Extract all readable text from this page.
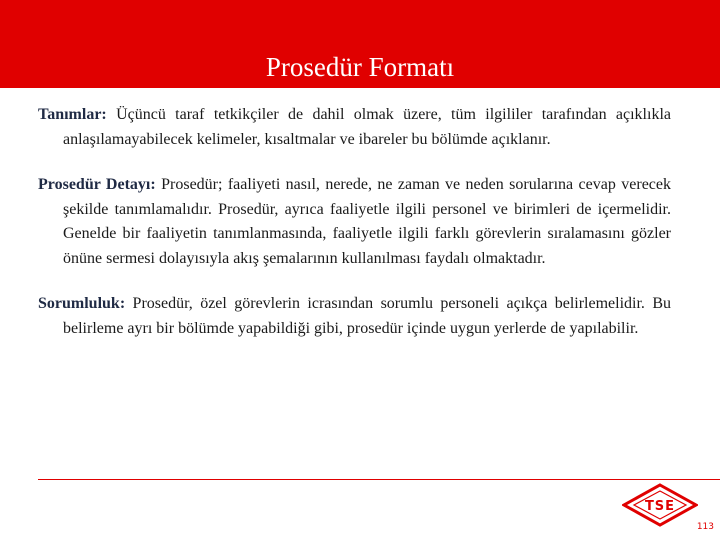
Prosedür Formatı

Tanımlar: Üçüncü taraf tetkikçiler de dahil olmak üzere, tüm ilgililer tarafından açıklıkla anlaşılamayabilecek kelimeler, kısaltmalar ve ibareler bu bölümde açıklanır.

Prosedür Detayı: Prosedür; faaliyeti nasıl, nerede, ne zaman ve neden sorularına cevap verecek şekilde tanımlamalıdır. Prosedür, ayrıca faaliyetle ilgili personel ve birimleri de içermelidir. Genelde bir faaliyetin tanımlanmasında, faaliyetle ilgili farklı görevlerin sıralamasını gözler önüne sermesi dolayısıyla akış şemalarının kullanılması faydalı olmaktadır.

Sorumluluk: Prosedür, özel görevlerin icrasından sorumlu personeli açıkça belirlemelidir. Bu belirleme ayrı bir bölümde yapabildiği gibi, prosedür içinde uygun yerlerde de yapılabilir.

TSE
113
